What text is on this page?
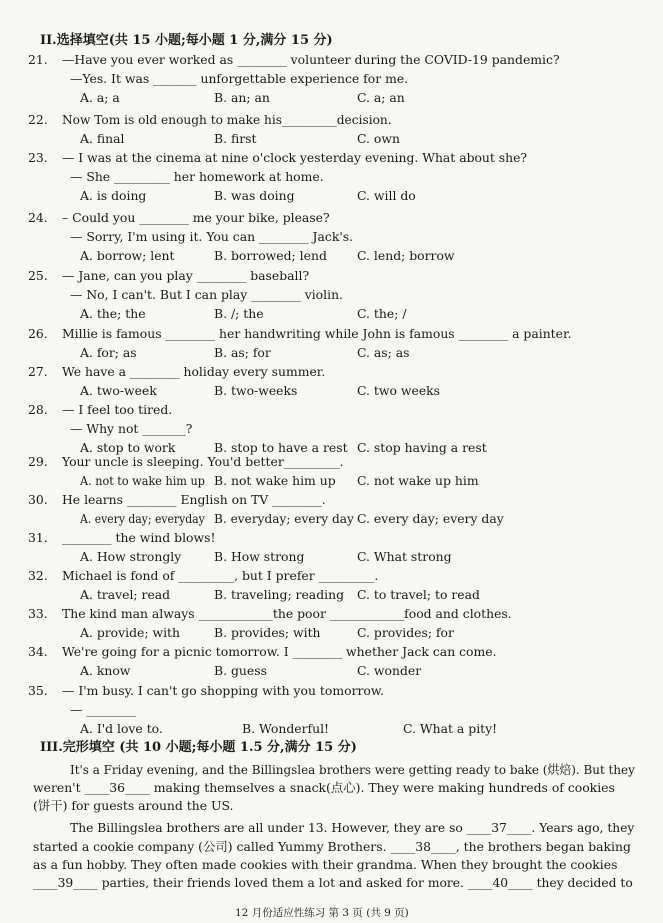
II.选择填空(共 15 小题;每小题 1 分,满分 15 分)
21. —Have you ever worked as ________ volunteer during the COVID-19 pandemic?
—Yes. It was _______ unforgettable experience for me.
A. a; a	B. an; an	C. a; an
22. Now Tom is old enough to make his_________decision.
A. final	B. first	C. own
23. — I was at the cinema at nine o'clock yesterday evening. What about she?
— She _________ her homework at home.
A. is doing	B. was doing	C. will do
24. – Could you ________ me your bike, please?
— Sorry, I'm using it. You can ________ Jack's.
A. borrow; lent	B. borrowed; lend C. lend; borrow
25. — Jane, can you play ________ baseball?
— No, I can't. But I can play ________ violin.
A. the; the	B. /; the	C. the; /
26. Millie is famous ________ her handwriting while John is famous ________ a painter.
A. for; as	B. as; for	C. as; as
27. We have a ________ holiday every summer.
A. two-week	B. two-weeks	C. two weeks
28. — I feel too tired.
— Why not _______?
A. stop to work	B. stop to have a rest C. stop having a rest
29. Your uncle is sleeping. You'd better_________.
A. not to wake him up B. not wake him up C. not wake up him
30. He learns ________ English on TV ________.
A. every day; everyday B. everyday; every day C. every day; every day
31. ________ the wind blows!
A. How strongly	B. How strong	C. What strong
32. Michael is fond of _________, but I prefer _________.
A. travel; read	B. traveling; reading C. to travel; to read
33. The kind man always ____________the poor ____________food and clothes.
A. provide; with	B. provides; with	C. provides; for
34. We're going for a picnic tomorrow. I ________ whether Jack can come.
A. know	B. guess	C. wonder
35. — I'm busy. I can't go shopping with you tomorrow.
— ________
A. I'd love to.	B. Wonderful!	C. What a pity!
III.完形填空 (共 10 小题;每小题 1.5 分,满分 15 分)
It's a Friday evening, and the Billingslea brothers were getting ready to bake (烘焙). But they
weren't ____36____ making themselves a snack(点心). They were making hundreds of cookies
(饼干) for guests around the US.
The Billingslea brothers are all under 13. However, they are so ____37____. Years ago, they
started a cookie company (公司) called Yummy Brothers. ____38____, the brothers began baking
as a fun hobby. They often made cookies with their grandma. When they brought the cookies
____39____ parties, their friends loved them a lot and asked for more. ____40____ they decided to
12 月份适应性练习 第 3 页 (共 9 页)
